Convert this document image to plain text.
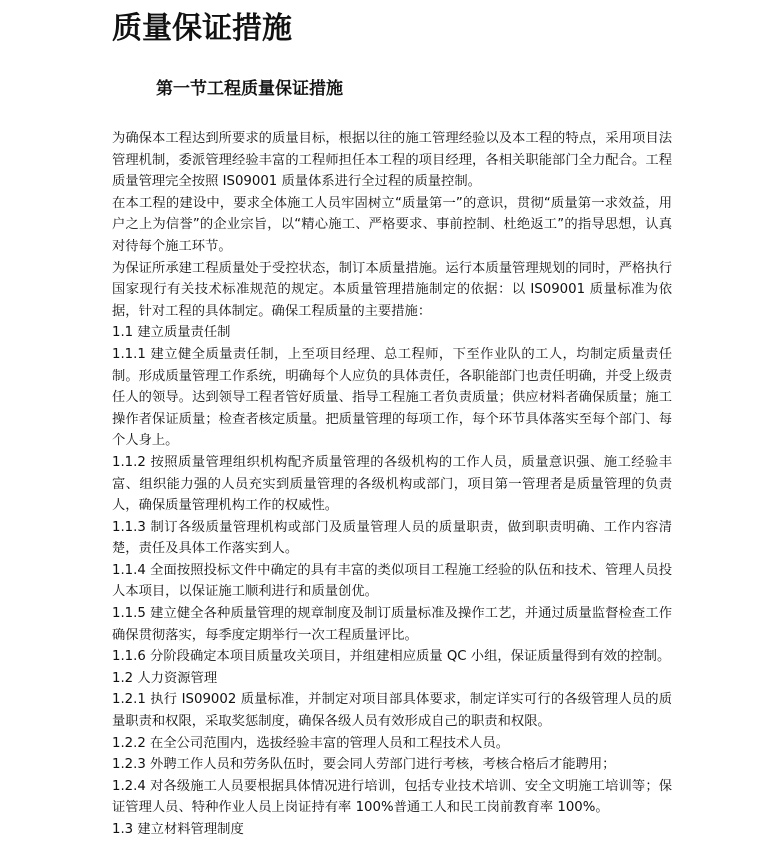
质量保证措施
第一节工程质量保证措施

为确保本工程达到所要求的质量目标，根据以往的施工管理经验以及本工程的特点，采用项目法管理机制，委派管理经验丰富的工程师担任本工程的项目经理，各相关职能部门全力配合。工程质量管理完全按照 IS09001 质量体系进行全过程的质量控制。

在本工程的建设中，要求全体施工人员牢固树立“质量第一”的意识，贯彻“质量第一求效益，用户之上为信誉”的企业宗旨，以“精心施工、严格要求、事前控制、杜绝返工”的指导思想，认真对待每个施工环节。

为保证所承建工程质量处于受控状态，制订本质量措施。运行本质量管理规划的同时，严格执行国家现行有关技术标准规范的规定。本质量管理措施制定的依据：以 IS09001 质量标准为依据，针对工程的具体制定。确保工程质量的主要措施：

1.1 建立质量责任制

1.1.1 建立健全质量责任制，上至项目经理、总工程师，下至作业队的工人，均制定质量责任制。形成质量管理工作系统，明确每个人应负的具体责任，各职能部门也责任明确，并受上级责任人的领导。达到领导工程者管好质量、指导工程施工者负责质量；供应材料者确保质量；施工操作者保证质量；检查者核定质量。把质量管理的每项工作，每个环节具体落实至每个部门、每个人身上。

1.1.2 按照质量管理组织机构配齐质量管理的各级机构的工作人员，质量意识强、施工经验丰富、组织能力强的人员充实到质量管理的各级机构或部门，项目第一管理者是质量管理的负责人，确保质量管理机构工作的权威性。

1.1.3 制订各级质量管理机构或部门及质量管理人员的质量职责，做到职责明确、工作内容清楚，责任及具体工作落实到人。

1.1.4 全面按照投标文件中确定的具有丰富的类似项目工程施工经验的队伍和技术、管理人员投人本项目，以保证施工顺利进行和质量创优。

1.1.5 建立健全各种质量管理的规章制度及制订质量标准及操作工艺，并通过质量监督检查工作确保贯彻落实，每季度定期举行一次工程质量评比。

1.1.6 分阶段确定本项目质量攻关项目，并组建相应质量 QC 小组，保证质量得到有效的控制。

1.2 人力资源管理

1.2.1 执行 IS09002 质量标准，并制定对项目部具体要求，制定详实可行的各级管理人员的质量职责和权限，采取奖惩制度，确保各级人员有效形成自己的职责和权限。

1.2.2 在全公司范围内，选拔经验丰富的管理人员和工程技术人员。

1.2.3 外聘工作人员和劳务队伍时，要会同人劳部门进行考核，考核合格后才能聘用；

1.2.4 对各级施工人员要根据具体情况进行培训，包括专业技术培训、安全文明施工培训等；保证管理人员、特种作业人员上岗证持有率 100%普通工人和民工岗前教育率 100%。

1.3 建立材料管理制度
